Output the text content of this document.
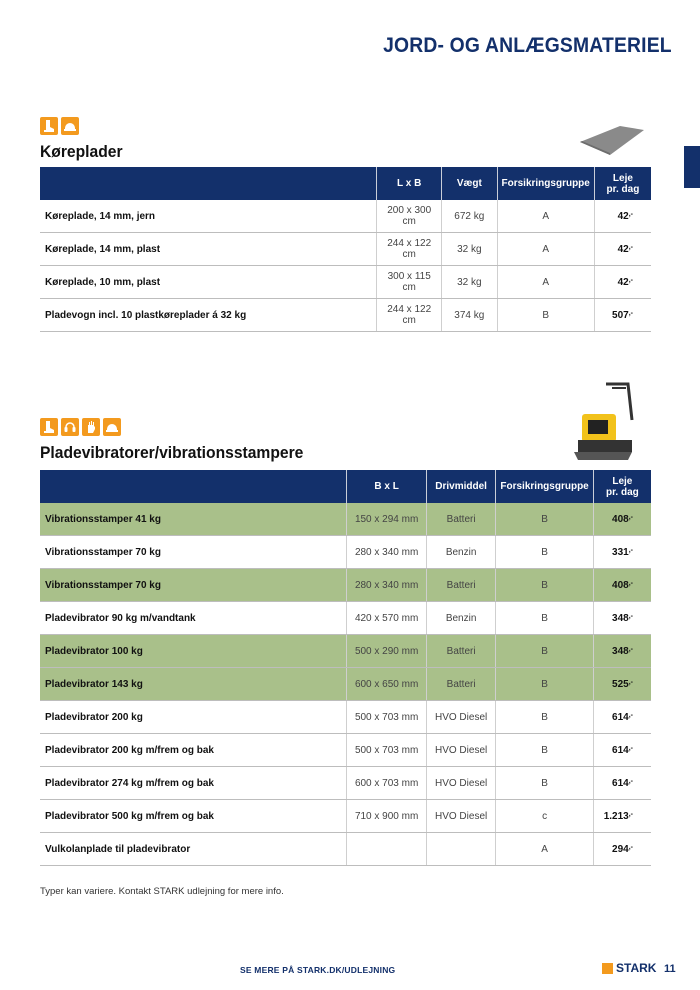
JORD- OG ANLÆGSMATERIEL
Køreplader
	L x B	Vægt	Forsikringsgruppe	Leje
pr. dag
Køreplade, 14 mm, jern	200 x 300 cm	672 kg	A	42,-
Køreplade, 14 mm, plast	244 x 122 cm	32 kg	A	42,-
Køreplade, 10 mm, plast	300 x 115 cm	32 kg	A	42,-
Pladevogn incl. 10 plastkøreplader á 32 kg	244 x 122 cm	374 kg	B	507,-
Pladevibratorer/vibrationsstampere
	B x L	Drivmiddel	Forsikringsgruppe	Leje
pr. dag
Vibrationsstamper 41 kg	150 x 294 mm	Batteri	B	408,-
Vibrationsstamper 70 kg	280 x 340 mm	Benzin	B	331,-
Vibrationsstamper 70 kg	280 x 340 mm	Batteri	B	408,-
Pladevibrator 90 kg m/vandtank	420 x 570 mm	Benzin	B	348,-
Pladevibrator 100 kg	500 x 290 mm	Batteri	B	348,-
Pladevibrator 143 kg	600 x 650 mm	Batteri	B	525,-
Pladevibrator 200 kg	500 x 703 mm	HVO Diesel	B	614,-
Pladevibrator 200 kg m/frem og bak	500 x 703 mm	HVO Diesel	B	614,-
Pladevibrator 274 kg m/frem og bak	600 x 703 mm	HVO Diesel	B	614,-
Pladevibrator 500 kg m/frem og bak	710 x 900 mm	HVO Diesel	c	1.213,-
Vulkolanplade til pladevibrator			A	294,-
Typer kan variere. Kontakt STARK udlejning for mere info.
SE MERE PÅ STARK.DK/UDLEJNING	STARK 11
